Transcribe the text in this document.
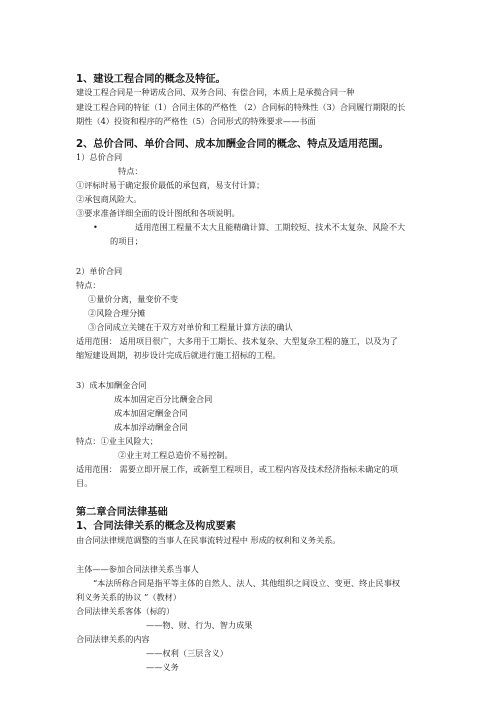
1、建设工程合同的概念及特征。
建设工程合同是一种诺成合同、双务合同、有偿合同，本质上是承揽合同一种
建设工程合同的特征（1）合同主体的严格性 （2）合同标的特殊性（3）合同履行期限的长
期性（4）投资和程序的严格性（5）合同形式的特殊要求——书面
2、总价合同、单价合同、成本加酬金合同的概念、特点及适用范围。
1）总价合同
特点：
①评标时易于确定报价最低的承包商，易支付计算；
②承包商风险大。
③要求准备详细全面的设计图纸和各项说明。
•	适用范围工程量不太大且能精确计算、工期较短、技术不太复杂、风险不大
的项目；
2）单价合同
特点：
①量价分离，量变价不变
②风险合理分摊
③合同成立关键在于双方对单价和工程量计算方法的确认
适用范围： 适用项目很广，大多用于工期长、技术复杂、大型复杂工程的施工，以及为了
缩短建设周期，初步设计完成后就进行施工招标的工程。
3）成本加酬金合同
成本加固定百分比酬金合同
成本加固定酬金合同
成本加浮动酬金合同
特点：①业主风险大；
②业主对工程总造价不易控制。
适用范围： 需要立即开展工作，或新型工程项目，或工程内容及技术经济指标未确定的项
目。
第二章合同法律基础
1、合同法律关系的概念及构成要素
由合同法律规范调整的当事人在民事流转过程中 形成的权利和义务关系。
主体——参加合同法律关系当事人
“本法所称合同是指平等主体的自然人、法人、其他组织之间设立、变更、终止民事权
利义务关系的协议 ”（教材）
合同法律关系客体（标的）
——物、财、行为、智力成果
合同法律关系的内容
——权利（三层含义）
——义务
